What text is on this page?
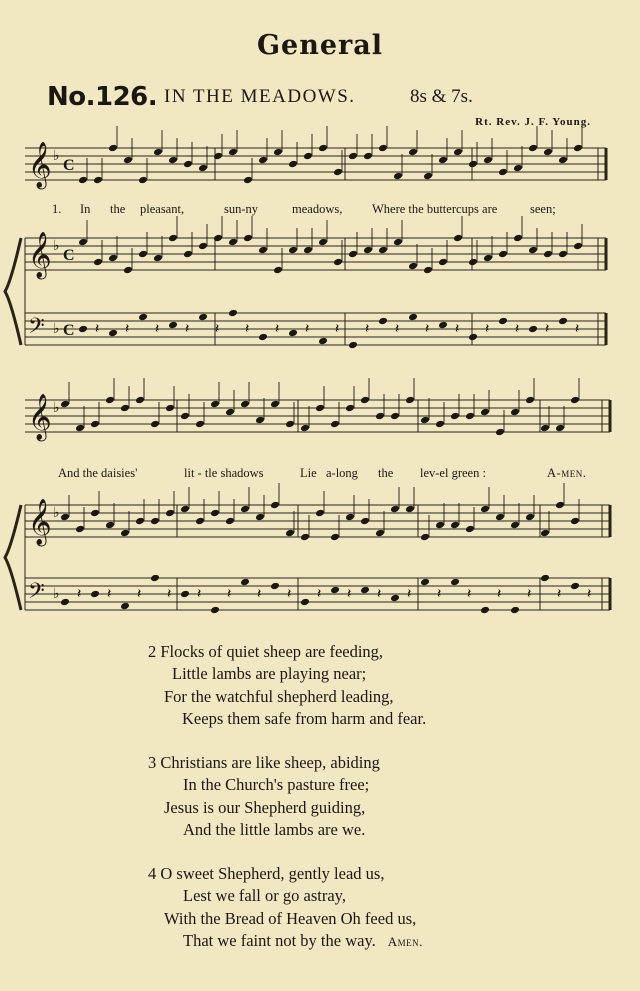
General
No.126. IN THE MEADOWS.	8s & 7s.
Rt. Rev. J. F. Young.
𝄞 ♭
C
𝄞 ♭
C
𝄢 ♭ C
𝄞 ♭
𝄞 ♭
𝄢 ♭
𝄽 𝄽 𝄽 𝄽 𝄽 𝄽 𝄽 𝄽 𝄽 𝄽 𝄽 𝄽 𝄽 𝄽 𝄽 𝄽 𝄽
𝄽 𝄽 𝄽 𝄽 𝄽 𝄽 𝄽 𝄽 𝄽 𝄽 𝄽 𝄽 𝄽 𝄽 𝄽 𝄽 𝄽 𝄽
1. In the pleasant,	sun-ny	meadows, Where the buttercups are	seen;
And the daisies'	lit - tle shadows	Lie a-long the lev-el green :	A-men.
2 Flocks of quiet sheep are feeding,
Little lambs are playing near;
For the watchful shepherd leading,
Keeps them safe from harm and fear.
3 Christians are like sheep, abiding
In the Church's pasture free;
Jesus is our Shepherd guiding,
And the little lambs are we.
4 O sweet Shepherd, gently lead us,
Lest we fall or go astray,
With the Bread of Heaven Oh feed us,
That we faint not by the way. Amen.
